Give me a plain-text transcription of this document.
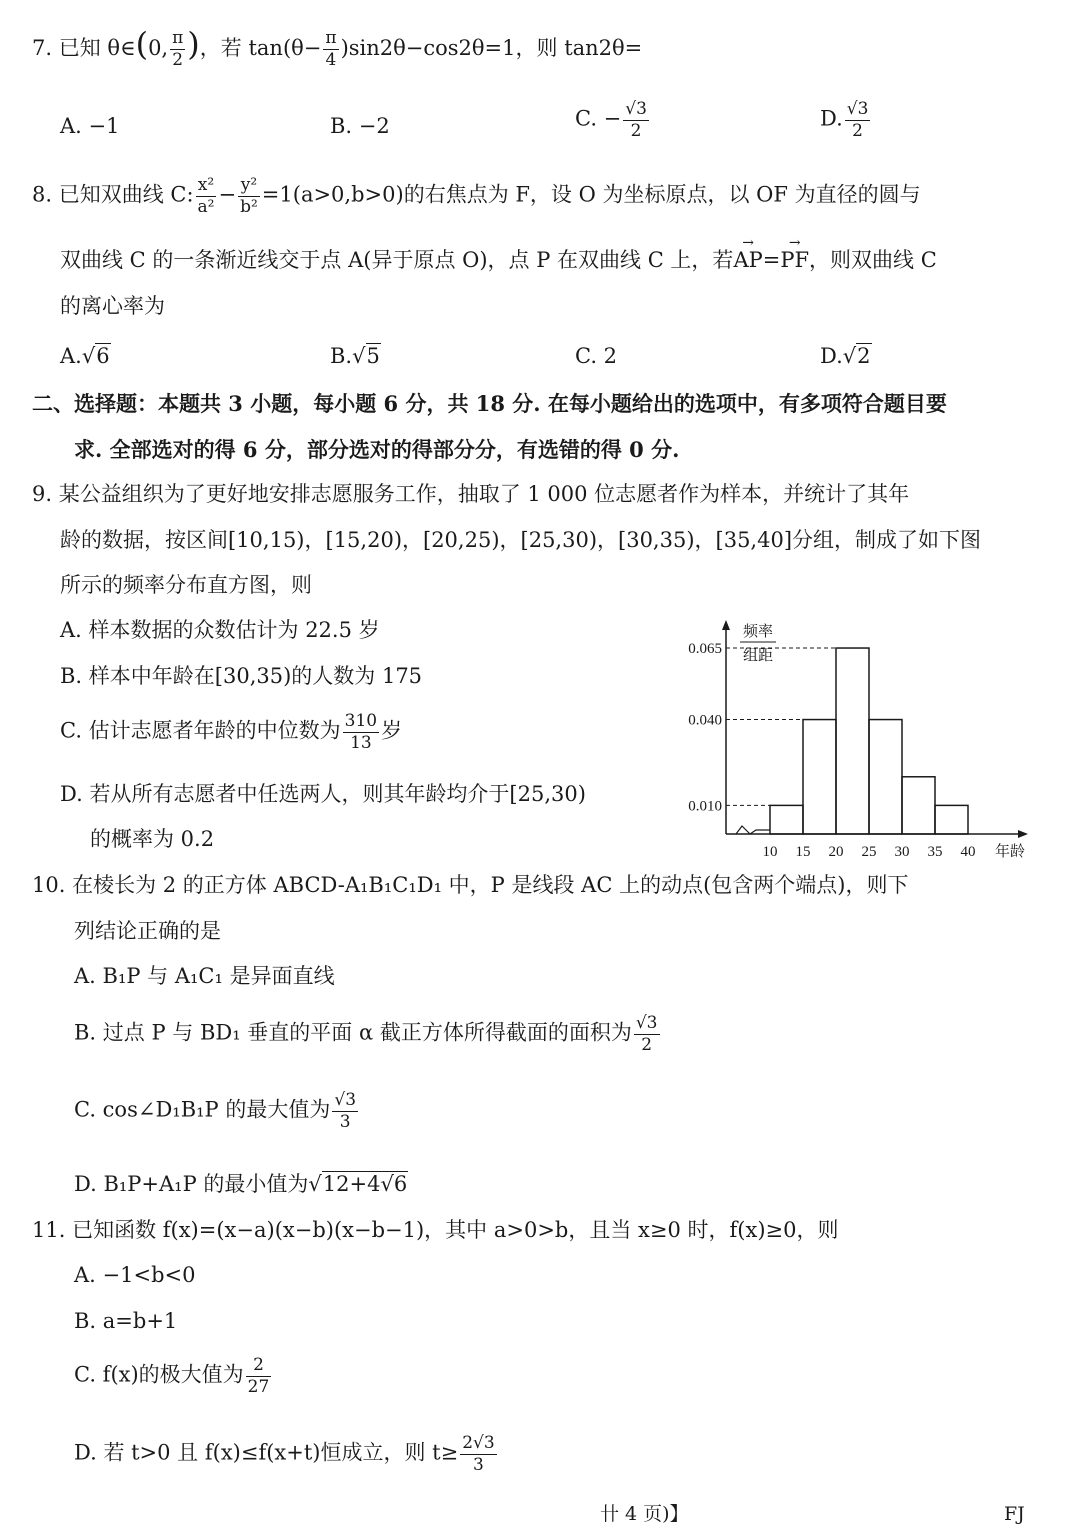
7. 已知 θ∈(0, $\frac{\pi}{2}$ )，若 $\tan(\theta- \frac{\pi}{4} )\sin 2\theta-\cos 2\theta=1$，则 tan2θ=
A. −1	B. −2	C. − $\frac{√3}{2}$	D. $\frac{√3}{2}$
8. 已知双曲线 C: $\frac{\text{x²}}{\text{a²}} - \frac{\text{y²}}{\text{b²}} =1(a>0,b>0)$的右焦点为 F，设 O 为坐标原点，以 OF 为直径的圆与
双曲线 C 的一条渐近线交于点 A(异于原点 O)，点 P 在双曲线 C 上，若→ AP=→ PF，则双曲线 C
的离心率为
A.√6	B.√5	C. 2	D.√2
二、选择题：本题共 3 小题，每小题 6 分，共 18 分. 在每小题给出的选项中，有多项符合题目要
求. 全部选对的得 6 分，部分选对的得部分分，有选错的得 0 分.
9. 某公益组织为了更好地安排志愿服务工作，抽取了 1 000 位志愿者作为样本，并统计了其年
龄的数据，按区间[10,15)，[15,20)，[20,25)，[25,30)，[30,35)，[35,40]分组，制成了如下图
所示的频率分布直方图，则
A. 样本数据的众数估计为 22.5 岁
B. 样本中年龄在[30,35)的人数为 175
C. 估计志愿者年龄的中位数为 $\frac{310}{13}$ 岁
D. 若从所有志愿者中任选两人，则其年龄均介于[25,30)
的概率为 0.2
0.010
0.040
0.065
10 15 20 25 30 35 40 年龄
频率
组距
10. 在棱长为 2 的正方体 ABCD-A₁B₁C₁D₁ 中，P 是线段 AC 上的动点(包含两个端点)，则下
列结论正确的是
A. B₁P 与 A₁C₁ 是异面直线
B. 过点 P 与 BD₁ 垂直的平面 α 截正方体所得截面的面积为 $\frac{√3}{2}$
C. cos∠D₁B₁P 的最大值为 $\frac{√3}{3}$
D. B₁P+A₁P 的最小值为√12+4√6
11. 已知函数 f(x)=(x−a)(x−b)(x−b−1)，其中 a>0>b，且当 x≥0 时，f(x)≥0，则
A. −1<b<0
B. a=b+1
C. f(x)的极大值为 $\frac{2}{27}$
D. 若 t>0 且 f(x)≤f(x+t)恒成立，则 $t\ge \frac{2√3}{3}$
卄 4 页)】	FJ
